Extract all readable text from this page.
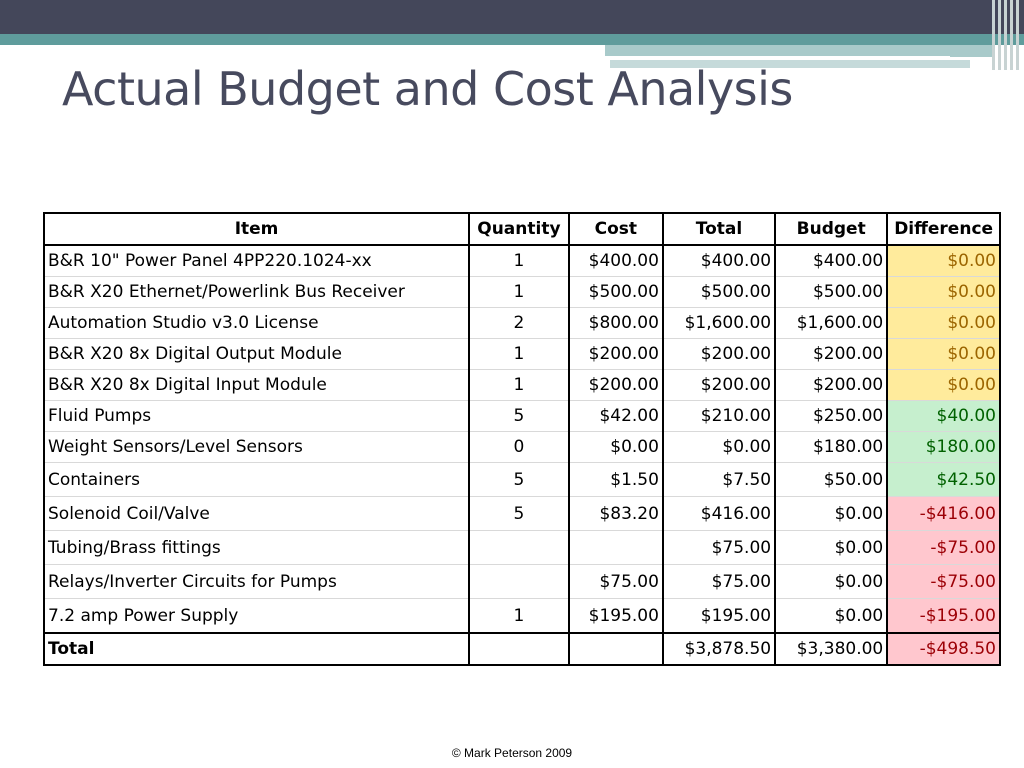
Actual Budget and Cost Analysis
Item	Quantity	Cost	Total	Budget	Difference
B&R 10" Power Panel 4PP220.1024-xx	1	$400.00	$400.00	$400.00	$0.00
B&R X20 Ethernet/Powerlink Bus Receiver	1	$500.00	$500.00	$500.00	$0.00
Automation Studio v3.0 License	2	$800.00	$1,600.00	$1,600.00	$0.00
B&R X20 8x Digital Output Module	1	$200.00	$200.00	$200.00	$0.00
B&R X20 8x Digital Input Module	1	$200.00	$200.00	$200.00	$0.00
Fluid Pumps	5	$42.00	$210.00	$250.00	$40.00
Weight Sensors/Level Sensors	0	$0.00	$0.00	$180.00	$180.00
Containers	5	$1.50	$7.50	$50.00	$42.50
Solenoid Coil/Valve	5	$83.20	$416.00	$0.00	-$416.00
Tubing/Brass fittings			$75.00	$0.00	-$75.00
Relays/Inverter Circuits for Pumps		$75.00	$75.00	$0.00	-$75.00
7.2 amp Power Supply	1	$195.00	$195.00	$0.00	-$195.00
Total			$3,878.50	$3,380.00	-$498.50
© Mark Peterson 2009
